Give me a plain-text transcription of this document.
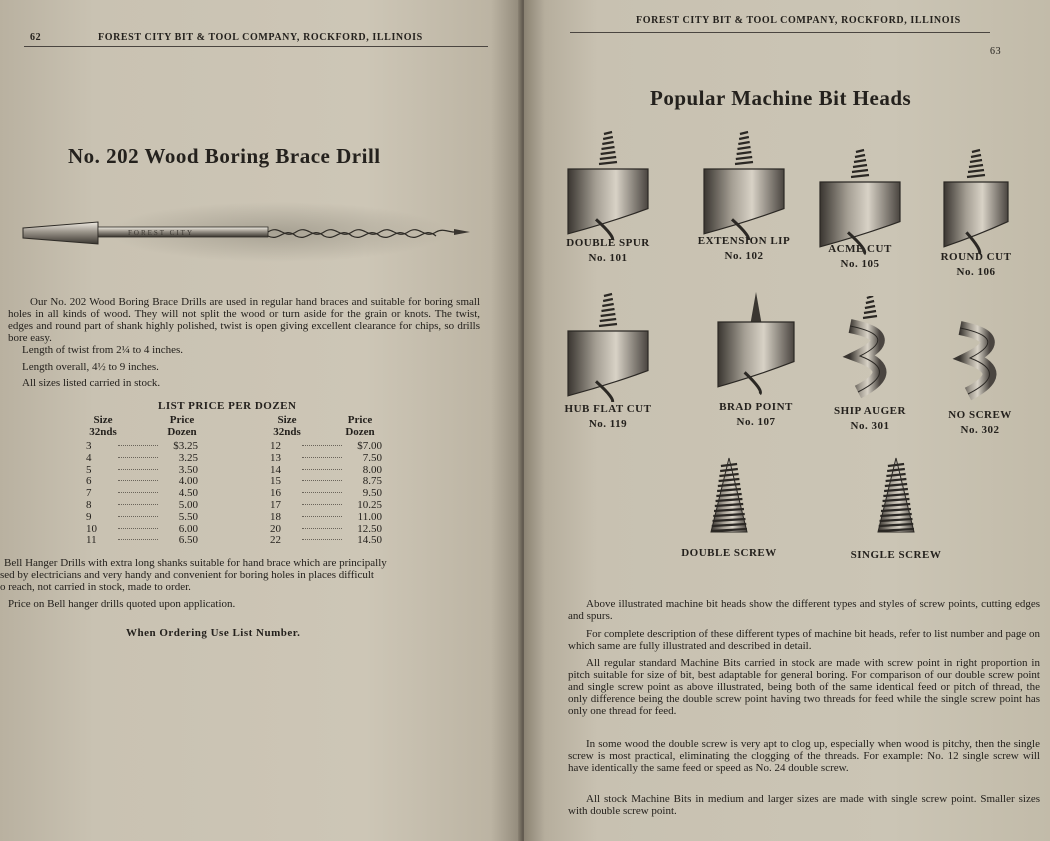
62	FOREST CITY BIT & TOOL COMPANY, ROCKFORD, ILLINOIS
No. 202 Wood Boring Brace Drill
FOREST CITY
Our No. 202 Wood Boring Brace Drills are used in regular hand braces and suitable for boring small holes in all kinds of wood. They will not split the wood or turn aside for the grain or knots. The twist, edges and round part of shank highly polished, twist is open giving excellent clearance for chips, so drills bore easy.
Length of twist from 2¼ to 4 inches.
Length overall, 4½ to 9 inches.
All sizes listed carried in stock.
LIST PRICE PER DOZEN
Size
32nds
Price
Dozen
Size
32nds
Price
Dozen
3	$3.25
4	3.25
5	3.50
6	4.00
7	4.50
8	5.00
9	5.50
10	6.00
11	6.50
12	$7.00
13	7.50
14	8.00
15	8.75
16	9.50
17	10.25
18	11.00
20	12.50
22	14.50
Bell Hanger Drills with extra long shanks suitable for hand brace which are principally
sed by electricians and very handy and convenient for boring holes in places difficult
o reach, not carried in stock, made to order.
Price on Bell hanger drills quoted upon application.
When Ordering Use List Number.
FOREST CITY BIT & TOOL COMPANY, ROCKFORD, ILLINOIS
63
Popular Machine Bit Heads
DOUBLE SPUR
No. 101
EXTENSION LIP
No. 102
ACME CUT
No. 105
ROUND CUT
No. 106
HUB FLAT CUT
No. 119
BRAD POINT
No. 107
SHIP AUGER
No. 301
NO SCREW
No. 302
DOUBLE SCREW	SINGLE SCREW
Above illustrated machine bit heads show the different types and styles of screw points, cutting edges and spurs.
For complete description of these different types of machine bit heads, refer to list number and page on which same are fully illustrated and described in detail.
All regular standard Machine Bits carried in stock are made with screw point in right proportion in pitch suitable for size of bit, best adaptable for general boring. For comparison of our double screw point and single screw point as above illustrated, being both of the same identical feed or pitch of thread, the only difference being the double screw point having two threads for feed while the single screw point has only one thread for feed.
In some wood the double screw is very apt to clog up, especially when wood is pitchy, then the single screw is most practical, eliminating the clogging of the threads. For example: No. 12 single screw will have identically the same feed or speed as No. 24 double screw.
All stock Machine Bits in medium and larger sizes are made with single screw point. Smaller sizes with double screw point.
